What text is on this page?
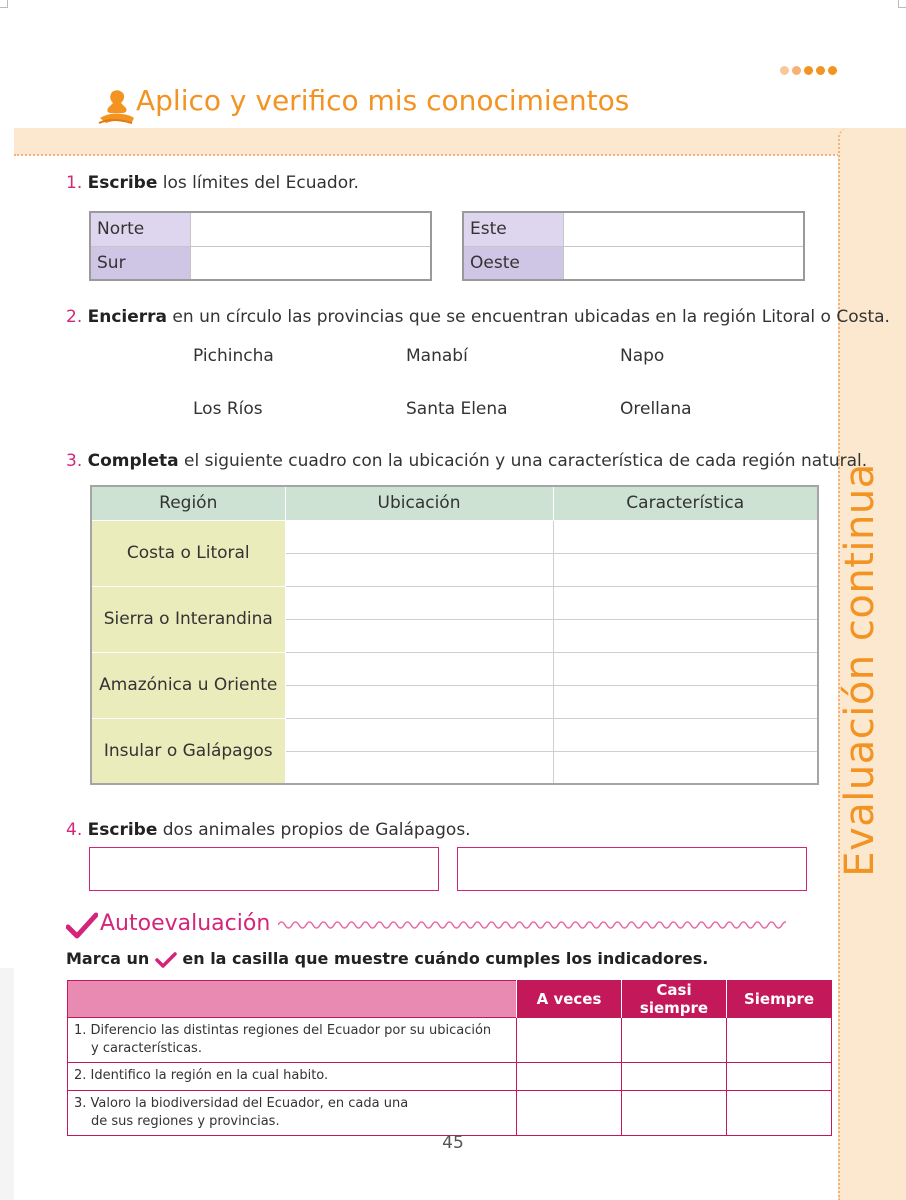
Evaluación continua
Aplico y verifico mis conocimientos
1. Escribe los límites del Ecuador.
Norte	
Sur	
Este	
Oeste	
2. Encierra en un círculo las provincias que se encuentran ubicadas en la región Litoral o Costa.
Pichincha	Manabí	Napo
Los Ríos	Santa Elena	Orellana
3. Completa el siguiente cuadro con la ubicación y una característica de cada región natural.
Región	Ubicación	Característica
Costa o Litoral		

Sierra o Interandina		

Amazónica u Oriente		

Insular o Galápagos		

4. Escribe dos animales propios de Galápagos.
Autoevaluación
Marca un  en la casilla que muestre cuándo cumples los indicadores.
	A veces	Casi siempre	Siempre

1. Diferencio las distintas regiones del Ecuador por su ubicación
y características.			

2. Identifico la región en la cual habito.			

3. Valoro la biodiversidad del Ecuador, en cada una
de sus regiones y provincias.			

45
